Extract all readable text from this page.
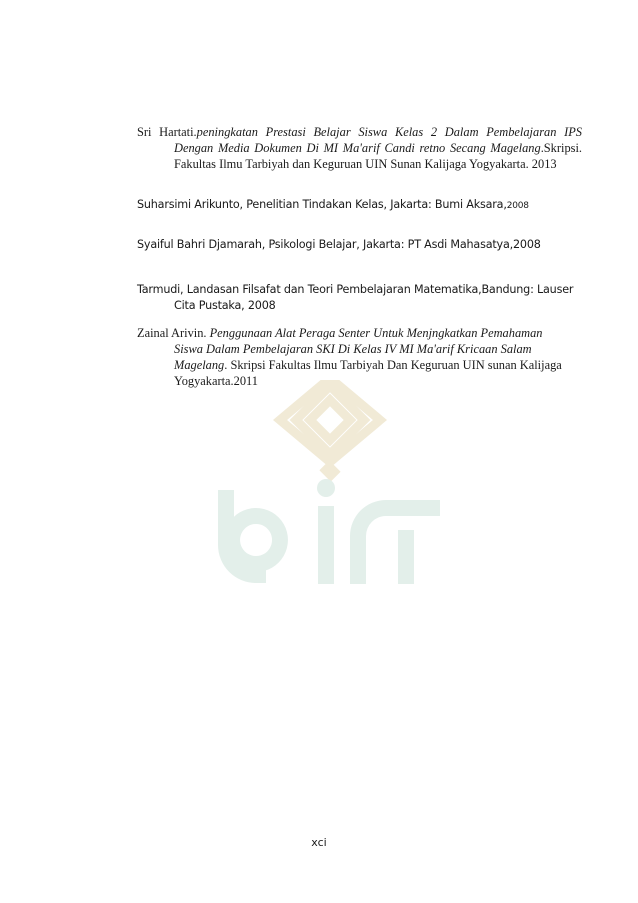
Sri Hartati.peningkatan Prestasi Belajar Siswa Kelas 2 Dalam Pembelajaran IPS Dengan Media Dokumen Di MI Ma'arif Candi retno Secang Magelang.Skripsi. Fakultas Ilmu Tarbiyah dan Keguruan UIN Sunan Kalijaga Yogyakarta. 2013
Suharsimi Arikunto, Penelitian Tindakan Kelas, Jakarta: Bumi Aksara,2008
Syaiful Bahri Djamarah, Psikologi Belajar, Jakarta: PT Asdi Mahasatya,2008
Tarmudi, Landasan Filsafat dan Teori Pembelajaran Matematika,Bandung: Lauser Cita Pustaka, 2008
Zainal Arivin. Penggunaan Alat Peraga Senter Untuk Menjngkatkan Pemahaman Siswa Dalam Pembelajaran SKI Di Kelas IV MI Ma'arif Kricaan Salam Magelang. Skripsi Fakultas Ilmu Tarbiyah Dan Keguruan UIN sunan Kalijaga Yogyakarta.2011
xci
